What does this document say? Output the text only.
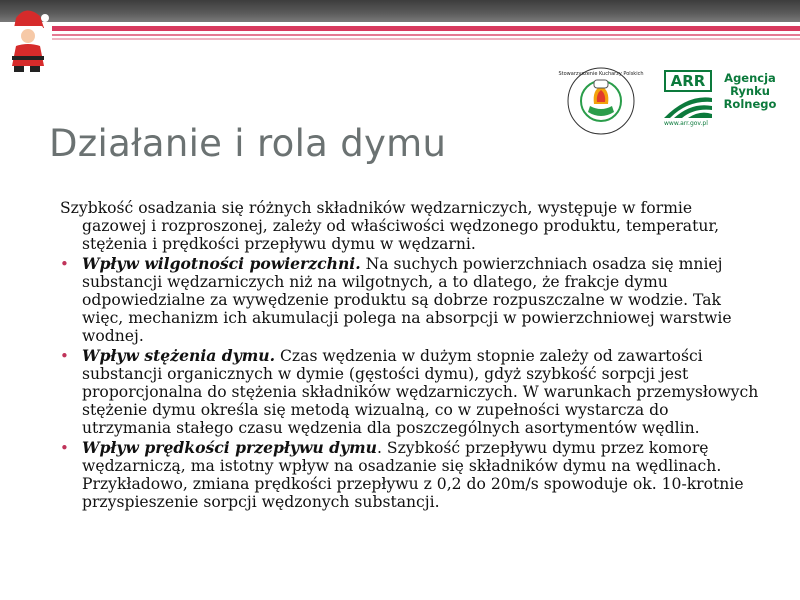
Stowarzyszenie Kucharzy Polskich	ARR	Agencja
Rynku
Rolnego
www.arr.gov.pl
Działanie i rola dymu

Szybkość osadzania się różnych składników wędzarniczych, występuje w formie gazowej i rozproszonej, zależy od właściwości wędzonego produktu, temperatur, stężenia i prędkości przepływu dymu w wędzarni.

• Wpływ wilgotności powierzchni. Na suchych powierzchniach osadza się mniej substancji wędzarniczych niż na wilgotnych, a to dlatego, że frakcje dymu odpowiedzialne za wywędzenie produktu są dobrze rozpuszczalne w wodzie. Tak więc, mechanizm ich akumulacji polega na absorpcji w powierzchniowej warstwie wodnej.
• Wpływ stężenia dymu. Czas wędzenia w dużym stopnie zależy od zawartości substancji organicznych w dymie (gęstości dymu), gdyż szybkość sorpcji jest proporcjonalna do stężenia składników wędzarniczych. W warunkach przemysłowych stężenie dymu określa się metodą wizualną, co w zupełności wystarcza do utrzymania stałego czasu wędzenia dla poszczególnych asortymentów wędlin.
• Wpływ prędkości przepływu dymu. Szybkość przepływu dymu przez komorę wędzarniczą, ma istotny wpływ na osadzanie się składników dymu na wędlinach. Przykładowo, zmiana prędkości przepływu z 0,2 do 20m/s spowoduje ok. 10-krotnie przyspieszenie sorpcji wędzonych substancji.
